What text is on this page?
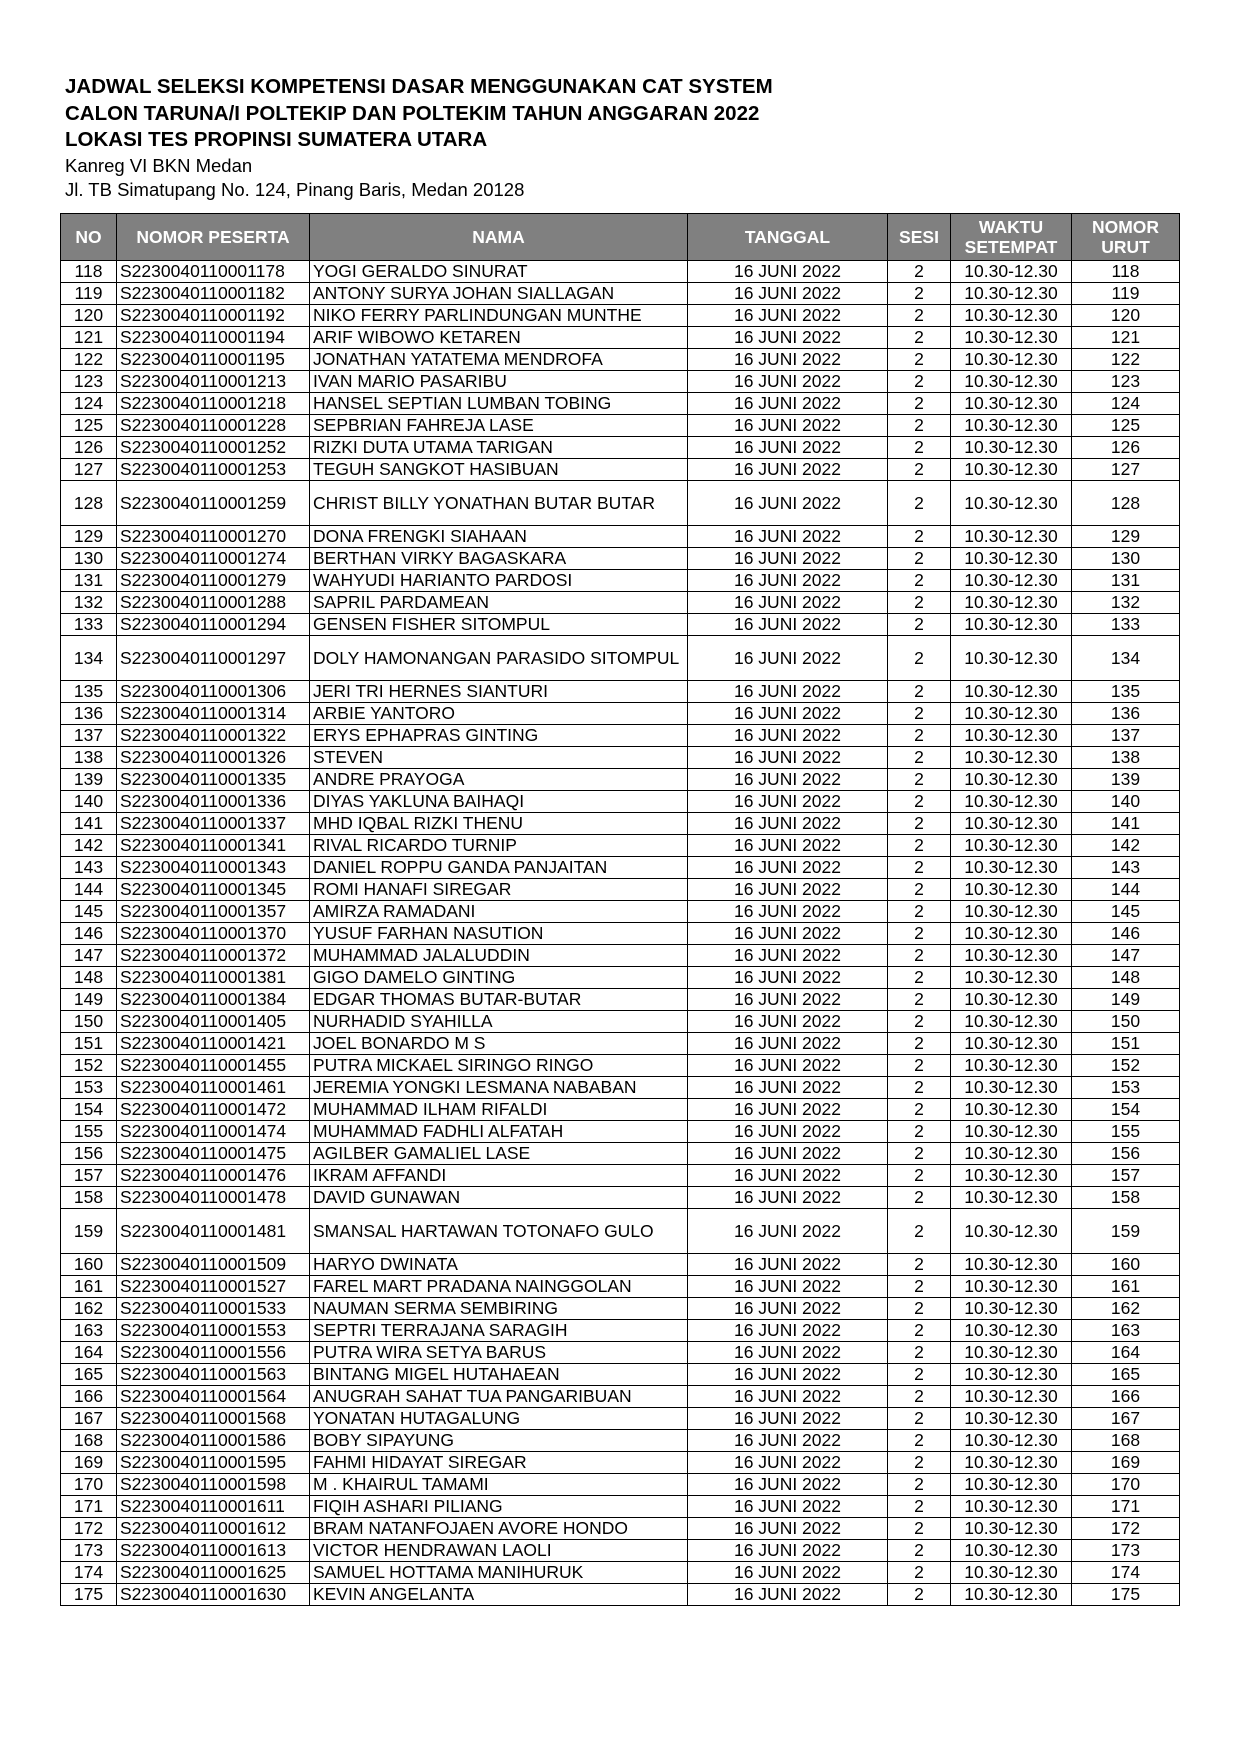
JADWAL SELEKSI KOMPETENSI DASAR MENGGUNAKAN CAT SYSTEM
CALON TARUNA/I POLTEKIP DAN POLTEKIM TAHUN ANGGARAN 2022
LOKASI TES PROPINSI SUMATERA UTARA
Kanreg VI BKN Medan
Jl. TB Simatupang No. 124, Pinang Baris, Medan 20128
NO	NOMOR PESERTA	NAMA	TANGGAL	SESI	WAKTU SETEMPAT	NOMOR URUT
118	S2230040110001178	YOGI GERALDO SINURAT	16 JUNI 2022	2	10.30-12.30	118
119	S2230040110001182	ANTONY SURYA JOHAN SIALLAGAN	16 JUNI 2022	2	10.30-12.30	119
120	S2230040110001192	NIKO FERRY PARLINDUNGAN MUNTHE	16 JUNI 2022	2	10.30-12.30	120
121	S2230040110001194	ARIF WIBOWO KETAREN	16 JUNI 2022	2	10.30-12.30	121
122	S2230040110001195	JONATHAN YATATEMA MENDROFA	16 JUNI 2022	2	10.30-12.30	122
123	S2230040110001213	IVAN MARIO PASARIBU	16 JUNI 2022	2	10.30-12.30	123
124	S2230040110001218	HANSEL SEPTIAN LUMBAN TOBING	16 JUNI 2022	2	10.30-12.30	124
125	S2230040110001228	SEPBRIAN FAHREJA LASE	16 JUNI 2022	2	10.30-12.30	125
126	S2230040110001252	RIZKI DUTA UTAMA TARIGAN	16 JUNI 2022	2	10.30-12.30	126
127	S2230040110001253	TEGUH SANGKOT HASIBUAN	16 JUNI 2022	2	10.30-12.30	127
128	S2230040110001259	CHRIST BILLY YONATHAN BUTAR BUTAR	16 JUNI 2022	2	10.30-12.30	128
129	S2230040110001270	DONA FRENGKI SIAHAAN	16 JUNI 2022	2	10.30-12.30	129
130	S2230040110001274	BERTHAN VIRKY BAGASKARA	16 JUNI 2022	2	10.30-12.30	130
131	S2230040110001279	WAHYUDI HARIANTO PARDOSI	16 JUNI 2022	2	10.30-12.30	131
132	S2230040110001288	SAPRIL PARDAMEAN	16 JUNI 2022	2	10.30-12.30	132
133	S2230040110001294	GENSEN FISHER SITOMPUL	16 JUNI 2022	2	10.30-12.30	133
134	S2230040110001297	DOLY HAMONANGAN PARASIDO SITOMPUL	16 JUNI 2022	2	10.30-12.30	134
135	S2230040110001306	JERI TRI HERNES SIANTURI	16 JUNI 2022	2	10.30-12.30	135
136	S2230040110001314	ARBIE YANTORO	16 JUNI 2022	2	10.30-12.30	136
137	S2230040110001322	ERYS EPHAPRAS GINTING	16 JUNI 2022	2	10.30-12.30	137
138	S2230040110001326	STEVEN	16 JUNI 2022	2	10.30-12.30	138
139	S2230040110001335	ANDRE PRAYOGA	16 JUNI 2022	2	10.30-12.30	139
140	S2230040110001336	DIYAS YAKLUNA BAIHAQI	16 JUNI 2022	2	10.30-12.30	140
141	S2230040110001337	MHD IQBAL RIZKI THENU	16 JUNI 2022	2	10.30-12.30	141
142	S2230040110001341	RIVAL RICARDO TURNIP	16 JUNI 2022	2	10.30-12.30	142
143	S2230040110001343	DANIEL ROPPU GANDA PANJAITAN	16 JUNI 2022	2	10.30-12.30	143
144	S2230040110001345	ROMI HANAFI SIREGAR	16 JUNI 2022	2	10.30-12.30	144
145	S2230040110001357	AMIRZA RAMADANI	16 JUNI 2022	2	10.30-12.30	145
146	S2230040110001370	YUSUF FARHAN NASUTION	16 JUNI 2022	2	10.30-12.30	146
147	S2230040110001372	MUHAMMAD JALALUDDIN	16 JUNI 2022	2	10.30-12.30	147
148	S2230040110001381	GIGO DAMELO GINTING	16 JUNI 2022	2	10.30-12.30	148
149	S2230040110001384	EDGAR THOMAS BUTAR-BUTAR	16 JUNI 2022	2	10.30-12.30	149
150	S2230040110001405	NURHADID SYAHILLA	16 JUNI 2022	2	10.30-12.30	150
151	S2230040110001421	JOEL BONARDO M S	16 JUNI 2022	2	10.30-12.30	151
152	S2230040110001455	PUTRA MICKAEL SIRINGO RINGO	16 JUNI 2022	2	10.30-12.30	152
153	S2230040110001461	JEREMIA YONGKI LESMANA NABABAN	16 JUNI 2022	2	10.30-12.30	153
154	S2230040110001472	MUHAMMAD ILHAM RIFALDI	16 JUNI 2022	2	10.30-12.30	154
155	S2230040110001474	MUHAMMAD FADHLI ALFATAH	16 JUNI 2022	2	10.30-12.30	155
156	S2230040110001475	AGILBER GAMALIEL LASE	16 JUNI 2022	2	10.30-12.30	156
157	S2230040110001476	IKRAM AFFANDI	16 JUNI 2022	2	10.30-12.30	157
158	S2230040110001478	DAVID GUNAWAN	16 JUNI 2022	2	10.30-12.30	158
159	S2230040110001481	SMANSAL HARTAWAN TOTONAFO GULO	16 JUNI 2022	2	10.30-12.30	159
160	S2230040110001509	HARYO DWINATA	16 JUNI 2022	2	10.30-12.30	160
161	S2230040110001527	FAREL MART PRADANA NAINGGOLAN	16 JUNI 2022	2	10.30-12.30	161
162	S2230040110001533	NAUMAN SERMA SEMBIRING	16 JUNI 2022	2	10.30-12.30	162
163	S2230040110001553	SEPTRI TERRAJANA SARAGIH	16 JUNI 2022	2	10.30-12.30	163
164	S2230040110001556	PUTRA WIRA SETYA BARUS	16 JUNI 2022	2	10.30-12.30	164
165	S2230040110001563	BINTANG MIGEL HUTAHAEAN	16 JUNI 2022	2	10.30-12.30	165
166	S2230040110001564	ANUGRAH SAHAT TUA PANGARIBUAN	16 JUNI 2022	2	10.30-12.30	166
167	S2230040110001568	YONATAN HUTAGALUNG	16 JUNI 2022	2	10.30-12.30	167
168	S2230040110001586	BOBY SIPAYUNG	16 JUNI 2022	2	10.30-12.30	168
169	S2230040110001595	FAHMI HIDAYAT SIREGAR	16 JUNI 2022	2	10.30-12.30	169
170	S2230040110001598	M . KHAIRUL TAMAMI	16 JUNI 2022	2	10.30-12.30	170
171	S2230040110001611	FIQIH ASHARI PILIANG	16 JUNI 2022	2	10.30-12.30	171
172	S2230040110001612	BRAM NATANFOJAEN AVORE HONDO	16 JUNI 2022	2	10.30-12.30	172
173	S2230040110001613	VICTOR HENDRAWAN LAOLI	16 JUNI 2022	2	10.30-12.30	173
174	S2230040110001625	SAMUEL HOTTAMA MANIHURUK	16 JUNI 2022	2	10.30-12.30	174
175	S2230040110001630	KEVIN ANGELANTA	16 JUNI 2022	2	10.30-12.30	175
